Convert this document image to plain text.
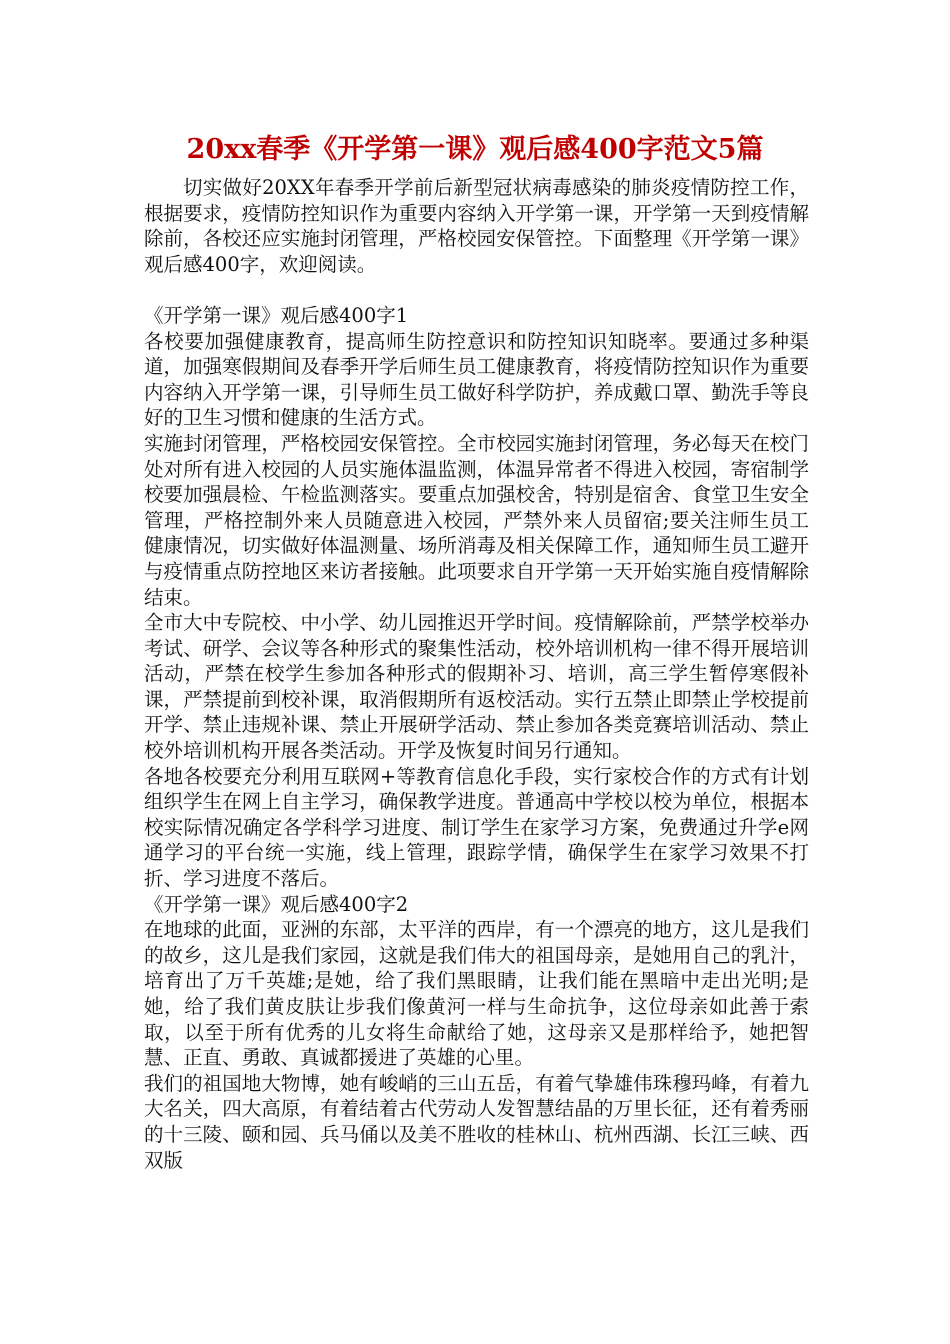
20xx春季《开学第一课》观后感400字范文5篇

切实做好20XX年春季开学前后新型冠状病毒感染的肺炎疫情防控工作，根据要求，疫情防控知识作为重要内容纳入开学第一课，开学第一天到疫情解除前，各校还应实施封闭管理，严格校园安保管控。下面整理《开学第一课》观后感400字，欢迎阅读。

《开学第一课》观后感400字1

各校要加强健康教育，提高师生防控意识和防控知识知晓率。要通过多种渠道，加强寒假期间及春季开学后师生员工健康教育，将疫情防控知识作为重要内容纳入开学第一课，引导师生员工做好科学防护，养成戴口罩、勤洗手等良好的卫生习惯和健康的生活方式。

实施封闭管理，严格校园安保管控。全市校园实施封闭管理，务必每天在校门处对所有进入校园的人员实施体温监测，体温异常者不得进入校园，寄宿制学校要加强晨检、午检监测落实。要重点加强校舍，特别是宿舍、食堂卫生安全管理，严格控制外来人员随意进入校园，严禁外来人员留宿;要关注师生员工健康情况，切实做好体温测量、场所消毒及相关保障工作，通知师生员工避开与疫情重点防控地区来访者接触。此项要求自开学第一天开始实施自疫情解除结束。

全市大中专院校、中小学、幼儿园推迟开学时间。疫情解除前，严禁学校举办考试、研学、会议等各种形式的聚集性活动，校外培训机构一律不得开展培训活动，严禁在校学生参加各种形式的假期补习、培训，高三学生暂停寒假补课，严禁提前到校补课，取消假期所有返校活动。实行五禁止即禁止学校提前开学、禁止违规补课、禁止开展研学活动、禁止参加各类竞赛培训活动、禁止校外培训机构开展各类活动。开学及恢复时间另行通知。

各地各校要充分利用互联网+等教育信息化手段，实行家校合作的方式有计划组织学生在网上自主学习，确保教学进度。普通高中学校以校为单位，根据本校实际情况确定各学科学习进度、制订学生在家学习方案，免费通过升学e网通学习的平台统一实施，线上管理，跟踪学情，确保学生在家学习效果不打折、学习进度不落后。

《开学第一课》观后感400字2

在地球的此面，亚洲的东部，太平洋的西岸，有一个漂亮的地方，这儿是我们的故乡，这儿是我们家园，这就是我们伟大的祖国母亲，是她用自己的乳汁，培育出了万千英雄;是她，给了我们黑眼睛，让我们能在黑暗中走出光明;是她，给了我们黄皮肤让步我们像黄河一样与生命抗争，这位母亲如此善于索取，以至于所有优秀的儿女将生命献给了她，这母亲又是那样给予，她把智慧、正直、勇敢、真诚都援进了英雄的心里。

我们的祖国地大物博，她有峻峭的三山五岳，有着气挚雄伟珠穆玛峰，有着九大名关，四大高原，有着结着古代劳动人发智慧结晶的万里长征，还有着秀丽的十三陵、颐和园、兵马俑以及美不胜收的桂林山、杭州西湖、长江三峡、西双版
